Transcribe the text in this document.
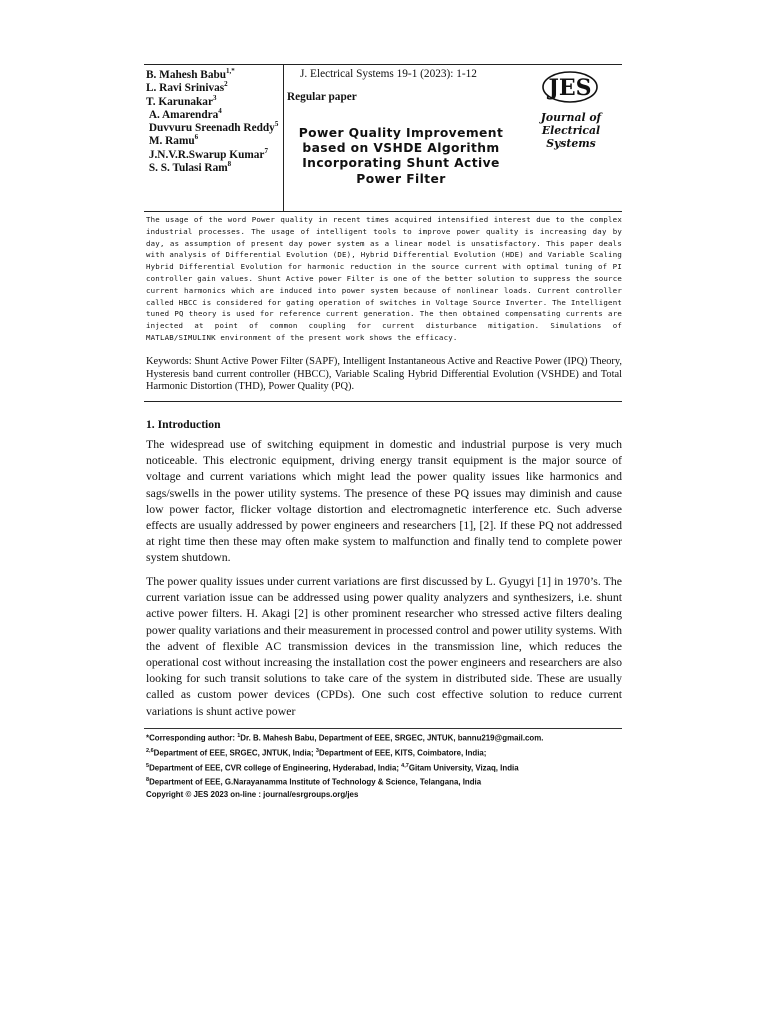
B. Mahesh Babu$^{1,*}$
L. Ravi Srinivas$^2$
T. Karunakar$^3$
A. Amarendra$^4$
Duvvuru Sreenadh Reddy$^5$
M. Ramu$^6$
J.N.V.R.Swarup Kumar$^7$
S. S. Tulasi Ram$^8$
J. Electrical Systems 19-1 (2023): 1-12
Regular paper
Power Quality Improvement based on VSHDE Algorithm Incorporating Shunt Active Power Filter
JES
Journal of
Electrical
Systems
The usage of the word Power quality in recent times acquired intensified interest due to the complex industrial processes. The usage of intelligent tools to improve power quality is increasing day by day, as assumption of present day power system as a linear model is unsatisfactory. This paper deals with analysis of Differential Evolution (DE), Hybrid Differential Evolution (HDE) and Variable Scaling Hybrid Differential Evolution for harmonic reduction in the source current with optimal tuning of PI controller gain values. Shunt Active power Filter is one of the better solution to suppress the source current harmonics which are induced into power system because of nonlinear loads. Current controller called HBCC is considered for gating operation of switches in Voltage Source Inverter. The Intelligent tuned PQ theory is used for reference current generation. The then obtained compensating currents are injected at point of common coupling for current disturbance mitigation. Simulations of MATLAB/SIMULINK environment of the present work shows the efficacy.
Keywords: Shunt Active Power Filter (SAPF), Intelligent Instantaneous Active and Reactive Power (IPQ) Theory, Hysteresis band current controller (HBCC), Variable Scaling Hybrid Differential Evolution (VSHDE) and Total Harmonic Distortion (THD), Power Quality (PQ).
1. Introduction
The widespread use of switching equipment in domestic and industrial purpose is very much noticeable. This electronic equipment, driving energy transit equipment is the major source of voltage and current variations which might lead the power quality issues like harmonics and sags/swells in the power utility systems. The presence of these PQ issues may diminish and cause low power factor, flicker voltage distortion and electromagnetic interference etc. Such adverse effects are usually addressed by power engineers and researchers [1], [2]. If these PQ not addressed at right time then these may often make system to malfunction and finally tend to complete power system shutdown.
The power quality issues under current variations are first discussed by L. Gyugyi [1] in 1970’s. The current variation issue can be addressed using power quality analyzers and synthesizers, i.e. shunt active power filters. H. Akagi [2] is other prominent researcher who stressed active filters dealing power quality variations and their measurement in processed control and power utility systems. With the advent of flexible AC transmission devices in the transmission line, which reduces the operational cost without increasing the installation cost the power engineers and researchers are also looking for such transit solutions to take care of the system in distributed side. These are usually called as custom power devices (CPDs). One such cost effective solution to reduce current variations is shunt active power
*Corresponding author: $^1$Dr. B. Mahesh Babu, Department of EEE, SRGEC, JNTUK, bannu219@gmail.com.
$^{2,6}$Department of EEE, SRGEC, JNTUK, India; $^3$Department of EEE, KITS, Coimbatore, India;
$^5$Department of EEE, CVR college of Engineering, Hyderabad, India; $^{4,7}$Gitam University, Vizaq, India
$^8$Department of EEE, G.Narayanamma Institute of Technology & Science, Telangana, India
Copyright © JES 2023 on-line : journal/esrgroups.org/jes
